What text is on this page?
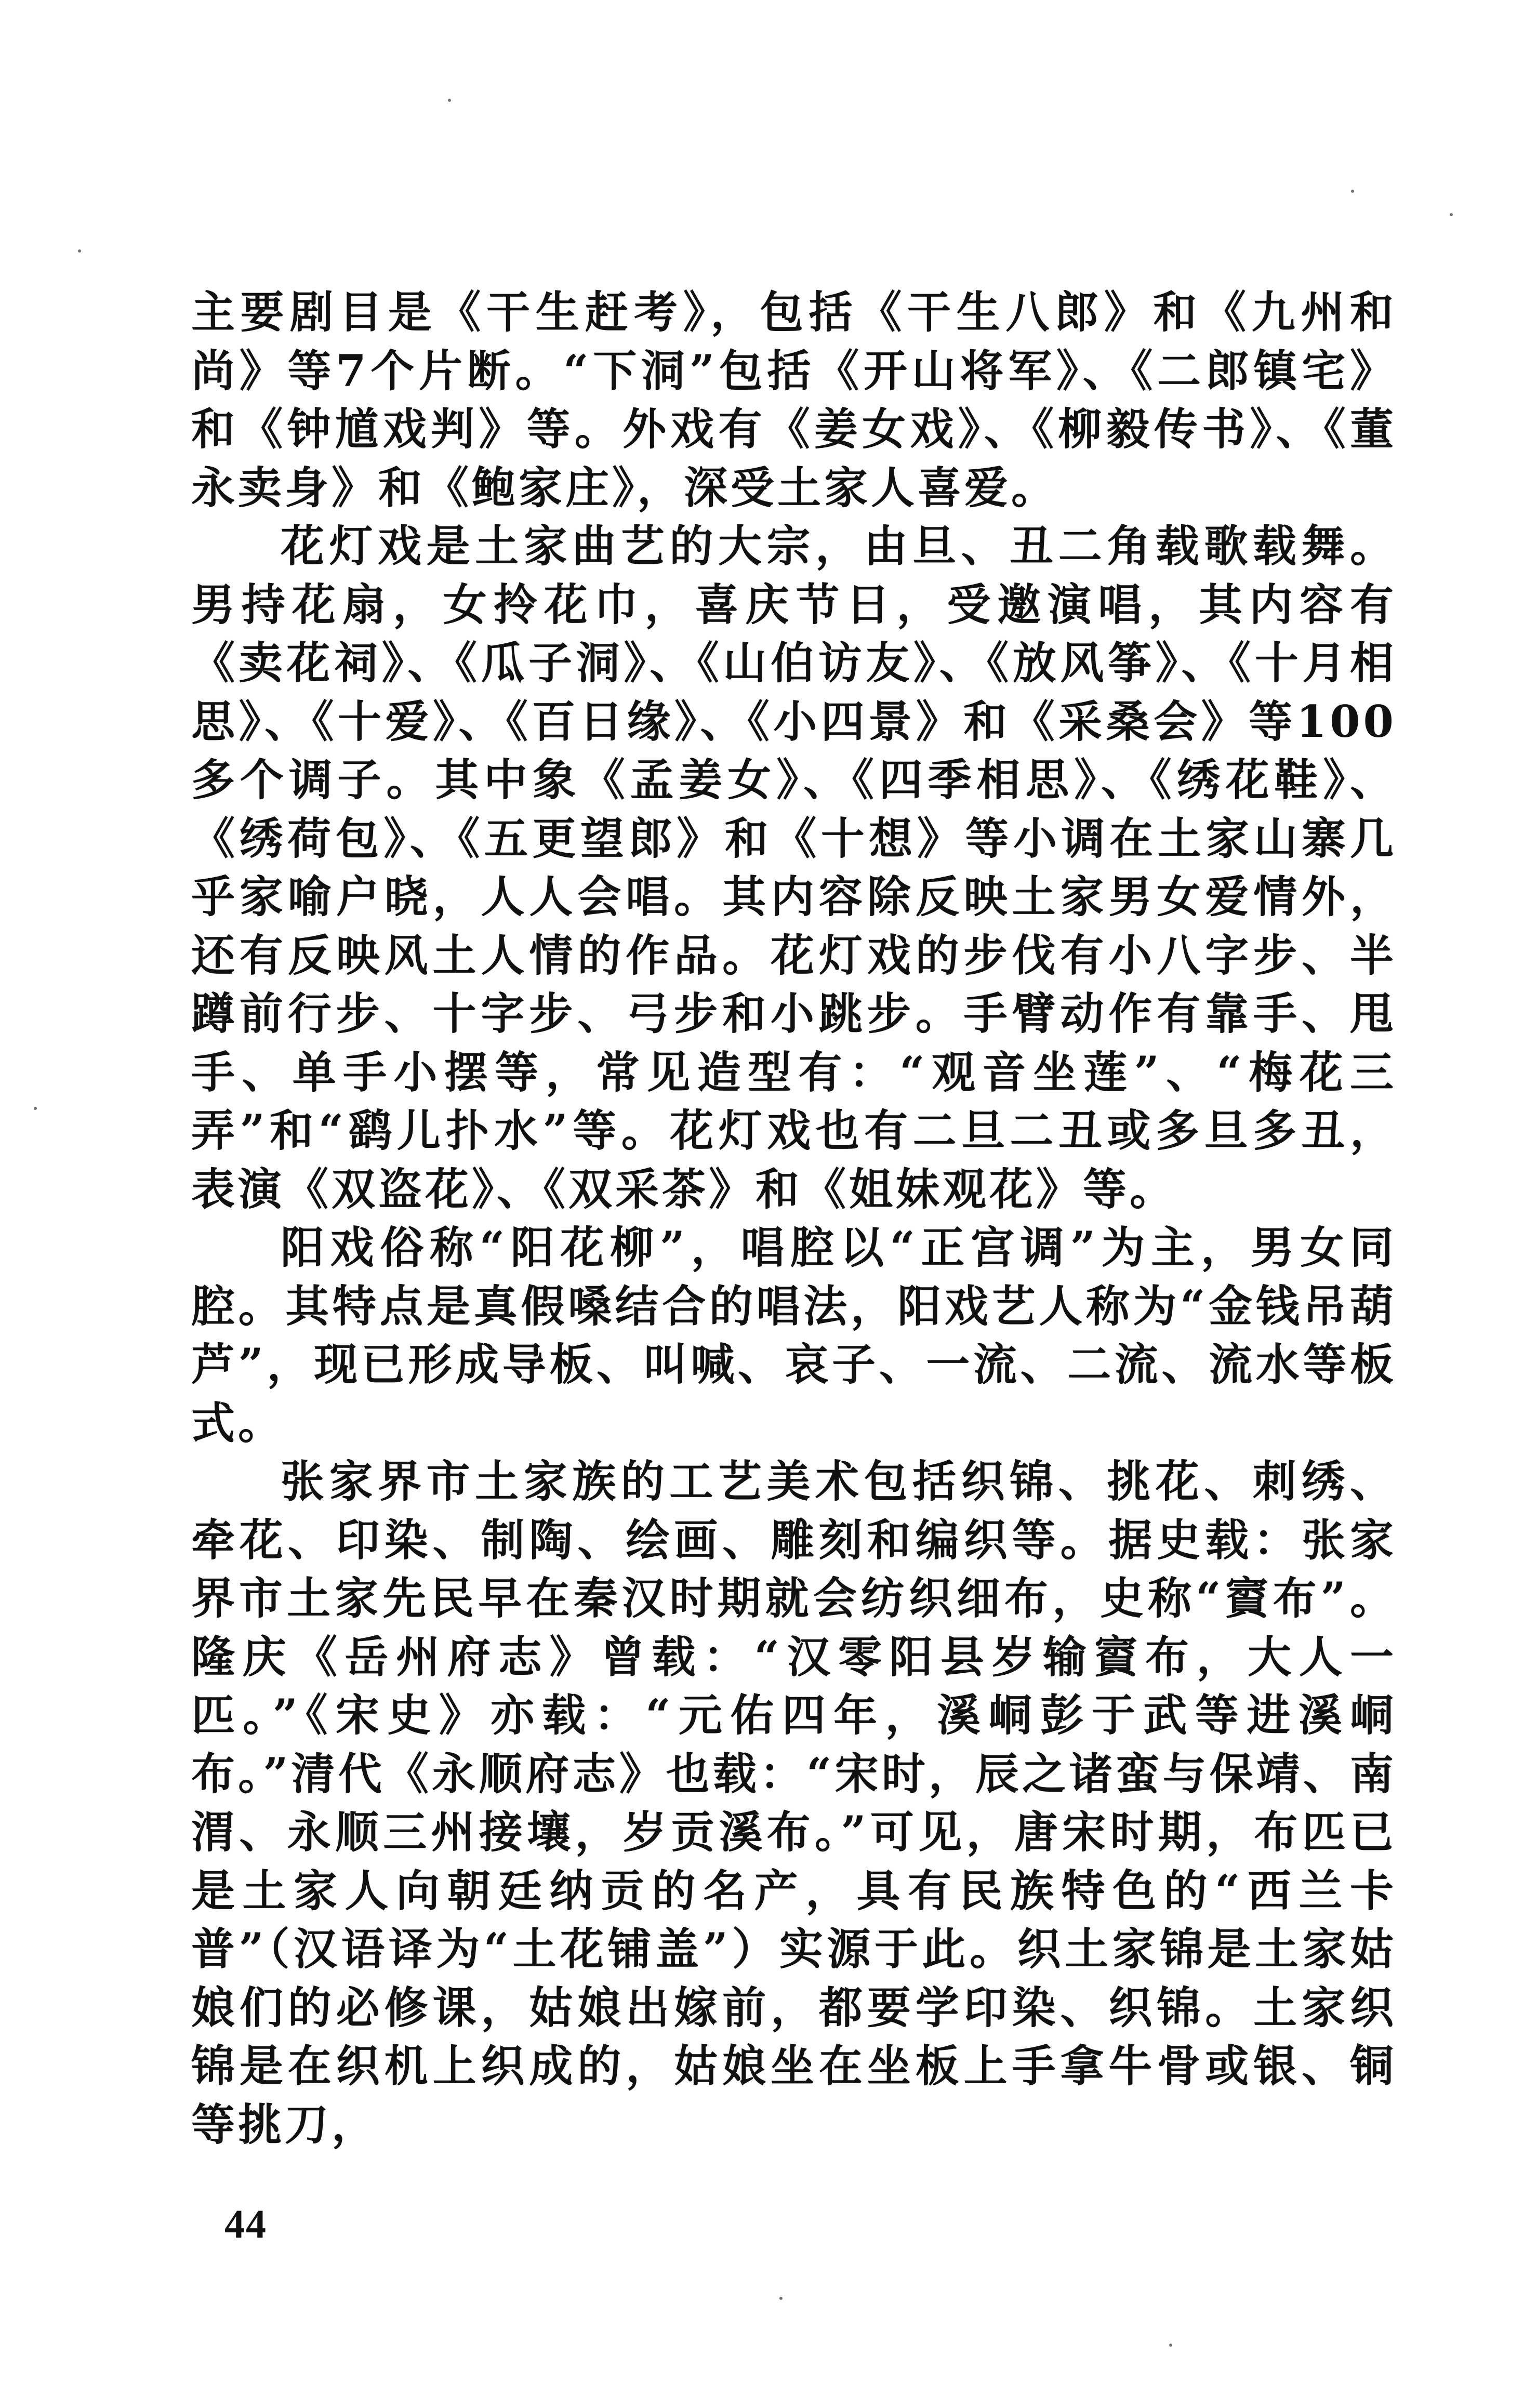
主要剧目是《干生赶考》，包括《干生八郎》和《九州和尚》等7个片断。“下洞”包括《开山将军》、《二郎镇宅》和《钟馗戏判》等。外戏有《姜女戏》、《柳毅传书》、《董永卖身》和《鲍家庄》，深受土家人喜爱。

花灯戏是土家曲艺的大宗，由旦、丑二角载歌载舞。男持花扇，女拎花巾，喜庆节日，受邀演唱，其内容有《卖花祠》、《瓜子洞》、《山伯访友》、《放风筝》、《十月相思》、《十爱》、《百日缘》、《小四景》和《采桑会》等100多个调子。其中象《孟姜女》、《四季相思》、《绣花鞋》、《绣荷包》、《五更望郎》和《十想》等小调在土家山寨几乎家喻户晓，人人会唱。其内容除反映土家男女爱情外，还有反映风土人情的作品。花灯戏的步伐有小八字步、半蹲前行步、十字步、弓步和小跳步。手臂动作有靠手、甩手、单手小摆等，常见造型有：“观音坐莲”、“梅花三弄”和“鹞儿扑水”等。花灯戏也有二旦二丑或多旦多丑，表演《双盗花》、《双采茶》和《姐妹观花》等。

阳戏俗称“阳花柳”，唱腔以“正宫调”为主，男女同腔。其特点是真假嗓结合的唱法，阳戏艺人称为“金钱吊葫芦”，现已形成导板、叫喊、哀子、一流、二流、流水等板式。

张家界市土家族的工艺美术包括织锦、挑花、刺绣、牵花、印染、制陶、绘画、雕刻和编织等。据史载：张家界市土家先民早在秦汉时期就会纺织细布，史称“賨布”。隆庆《岳州府志》曾载：“汉零阳县岁输賨布，大人一匹。”《宋史》亦载：“元佑四年，溪峒彭于武等进溪峒布。”清代《永顺府志》也载：“宋时，辰之诸蛮与保靖、南渭、永顺三州接壤，岁贡溪布。”可见，唐宋时期，布匹已是土家人向朝廷纳贡的名产，具有民族特色的“西兰卡普”（汉语译为“土花铺盖”）实源于此。织土家锦是土家姑娘们的必修课，姑娘出嫁前，都要学印染、织锦。土家织锦是在织机上织成的，姑娘坐在坐板上手拿牛骨或银、铜等挑刀，

44
